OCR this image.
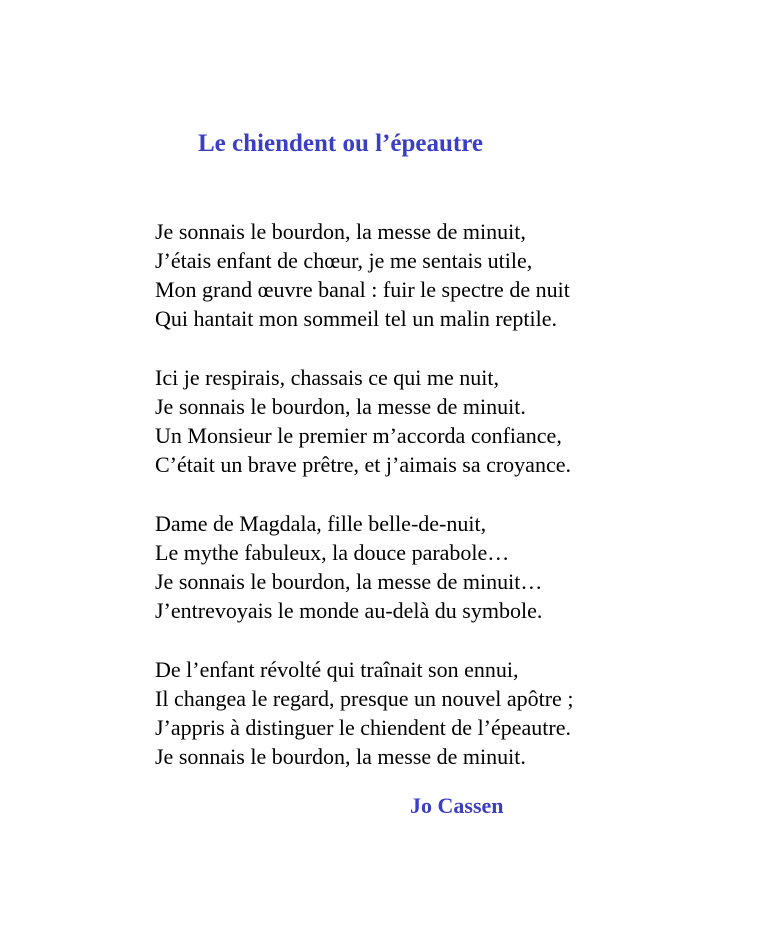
Le chiendent ou l’épeautre
Je sonnais le bourdon, la messe de minuit,
J’étais enfant de chœur, je me sentais utile,
Mon grand œuvre banal : fuir le spectre de nuit
Qui hantait mon sommeil tel un malin reptile.
Ici je respirais, chassais ce qui me nuit,
Je sonnais le bourdon, la messe de minuit.
Un Monsieur le premier m’accorda confiance,
C’était un brave prêtre, et j’aimais sa croyance.
Dame de Magdala, fille belle-de-nuit,
Le mythe fabuleux, la douce parabole…
Je sonnais le bourdon, la messe de minuit…
J’entrevoyais le monde au-delà du symbole.
De l’enfant révolté qui traînait son ennui,
Il changea le regard, presque un nouvel apôtre ;
J’appris à distinguer le chiendent de l’épeautre.
Je sonnais le bourdon, la messe de minuit.
Jo Cassen
